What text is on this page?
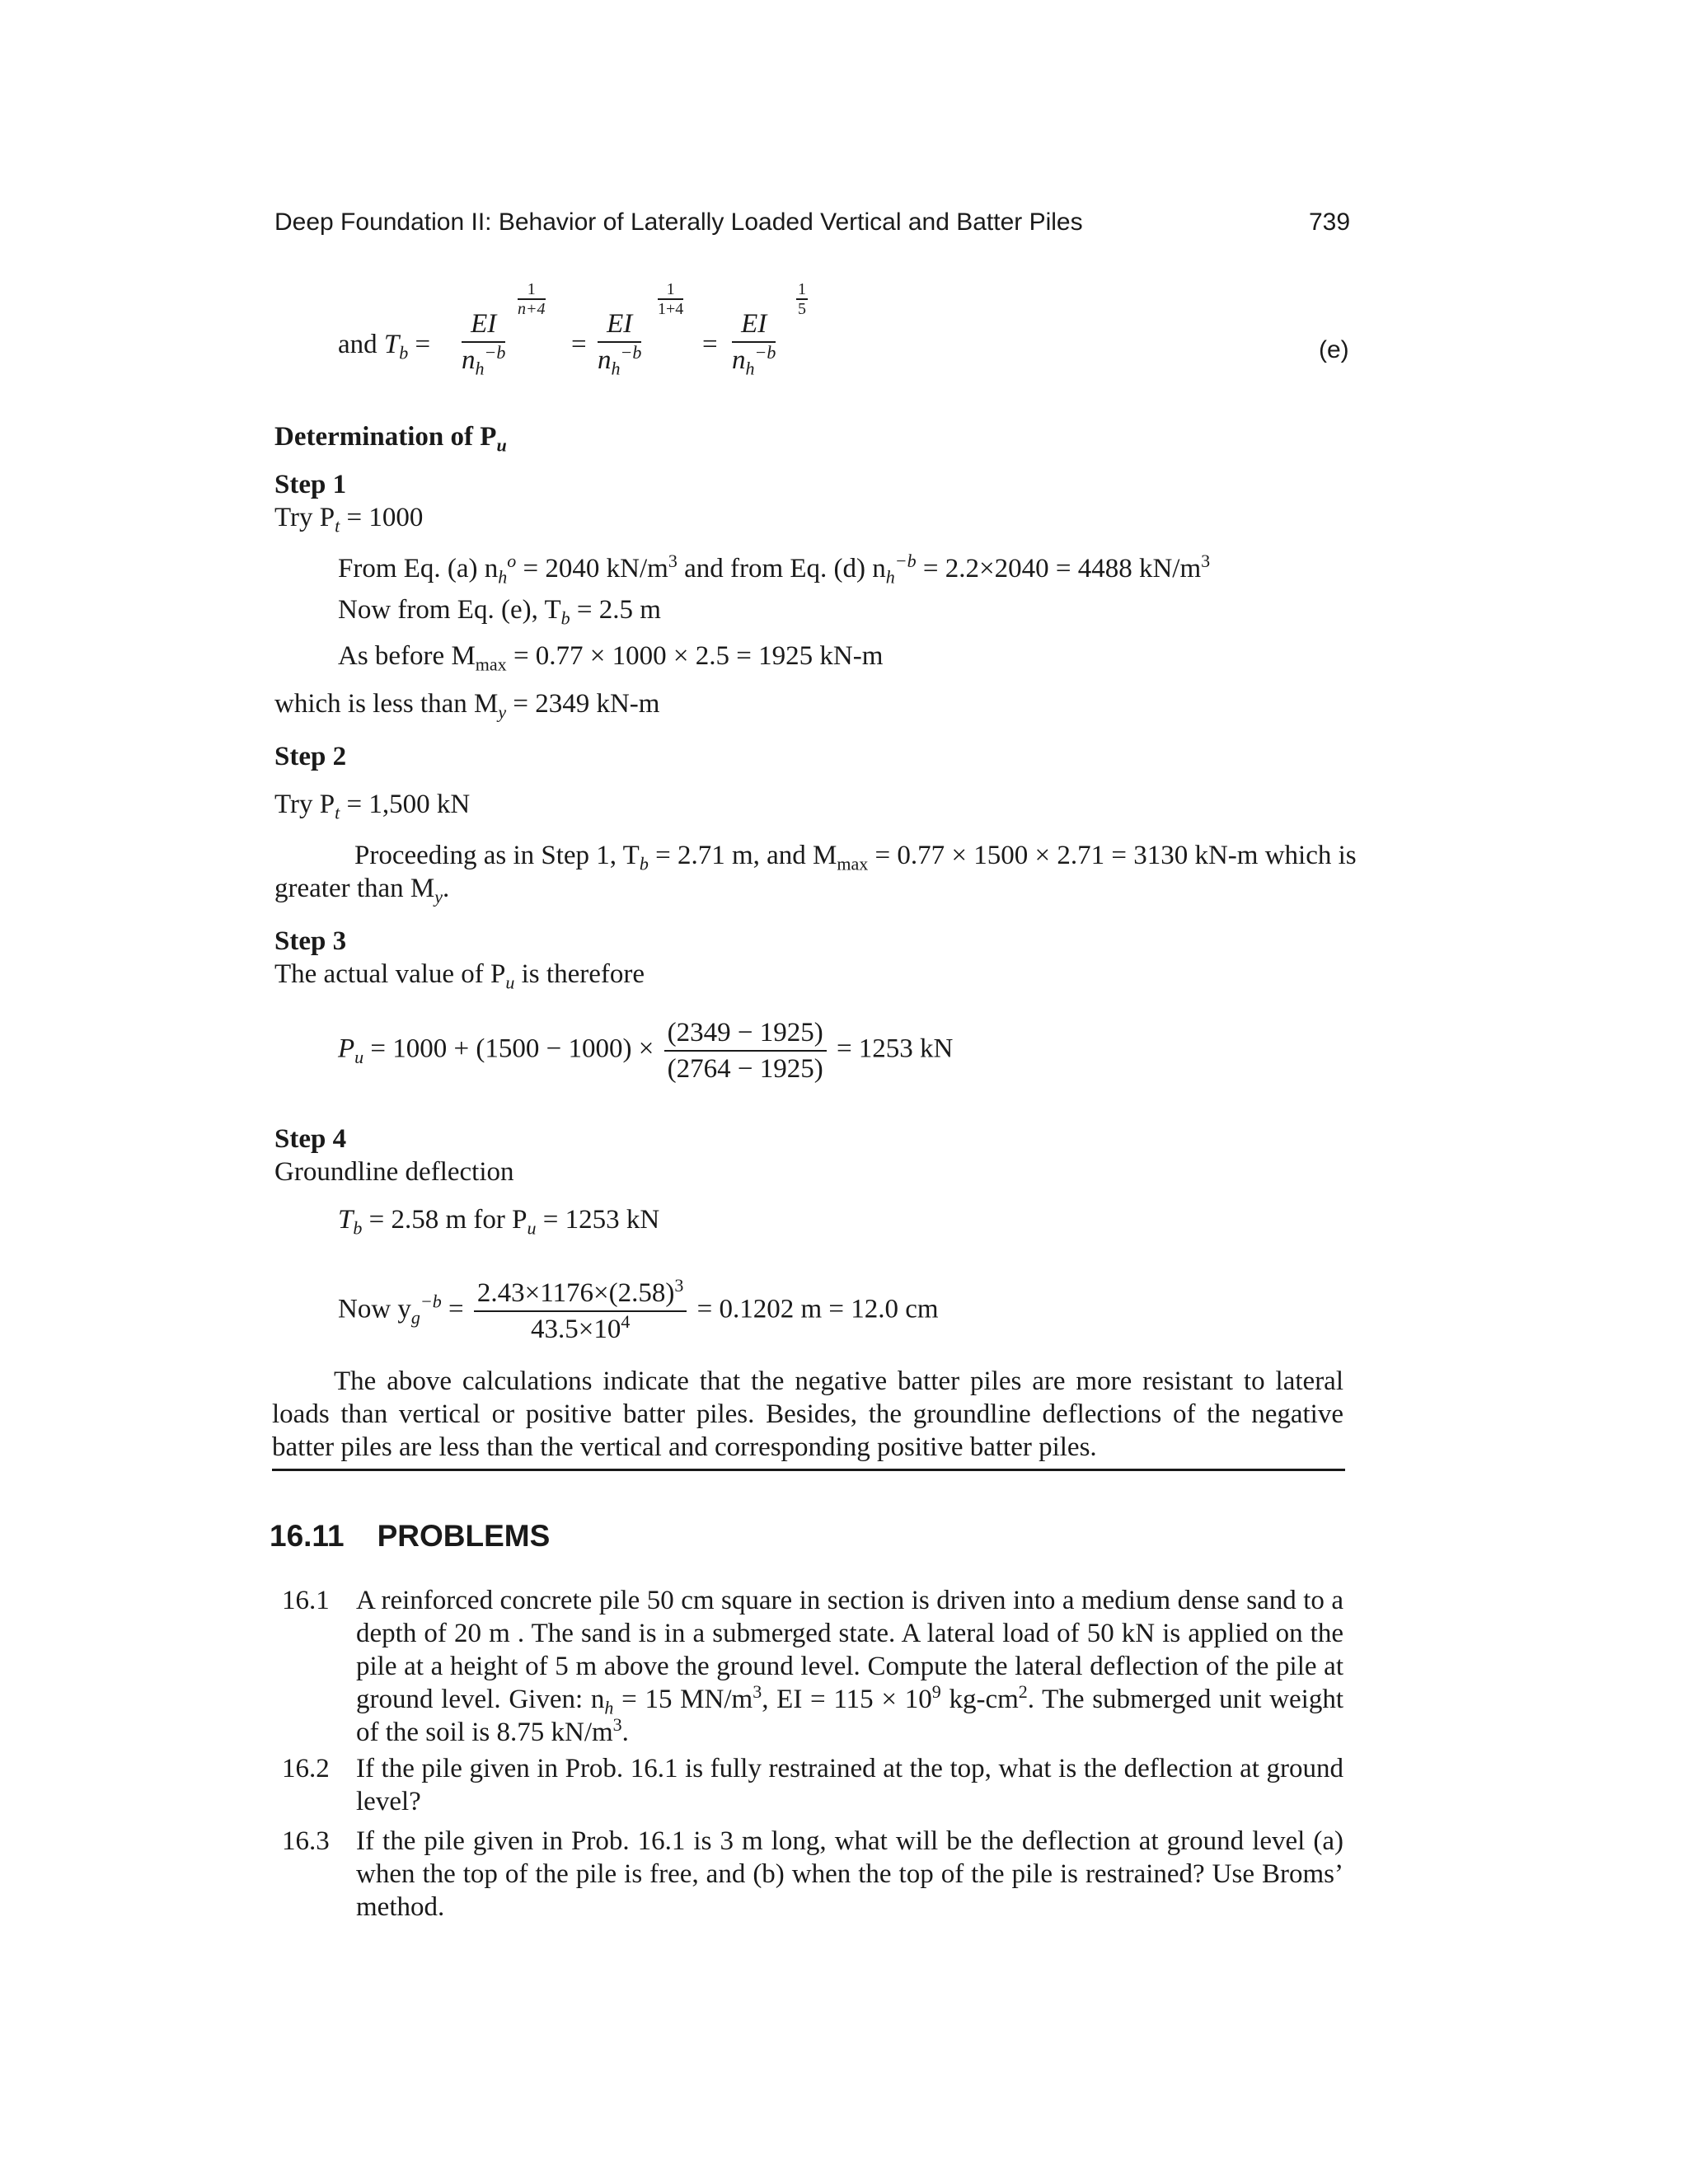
Deep Foundation II: Behavior of Laterally Loaded Vertical and Batter Piles	739
and $T_b = \frac{EI}{n_h^{-b}}$
1
n+4
= $\frac{EI}{n_h^{-b}}$
1
1+4
= $\frac{EI}{n_h^{-b}}$
1
5
(e)
Determination of $P_u$
Step 1
Try $P_t = 1000$
From Eq. (a) $n_h^o = 2040$ $kN/m^3$ and from Eq. (d) $n_h^{-b} = 2.2\times 2040 = 4488$ $kN/m^3$
Now from Eq. (e), $T_b = 2.5$ m
As before $M_{max} = 0.77 \times 1000 \times 2.5 = 1925$ kN-m
which is less than $M_y = 2349$ kN-m
Step 2
Try $P_t = 1,500$ kN
Proceeding as in Step 1, $T_b = 2.71$ m, and $M_{max} = 0.77 \times 1500 \times 2.71 = 3130$ kN-m which is
greater than $M_y$.
Step 3
The actual value of $P_u$ is therefore
$P_u = 1000 + (1500 - 1000) \times \frac{(2349 - 1925)}{(2764 - 1925)} = 1253$ kN
Step 4
Groundline deflection
$T_b = 2.58$ m for $P_u = 1253$ kN
Now $y_g^{-b} = \frac{2.43\times 1176\times(2.58)^3}{43.5\times 10^4} = 0.1202$ m = 12.0 cm

The above calculations indicate that the negative batter piles are more resistant to lateral loads than vertical or positive batter piles. Besides, the groundline deflections of the negative batter piles are less than the vertical and corresponding positive batter piles.

16.11 PROBLEMS
16.1 A reinforced concrete pile 50 cm square in section is driven into a medium dense sand to a depth of 20 m . The sand is in a submerged state. A lateral load of 50 kN is applied on the pile at a height of 5 m above the ground level. Compute the lateral deflection of the pile at ground level. Given: $n_h = 15$ $MN/m^3$, EI = $115 \times 10^9$ $kg-cm^2$. The submerged unit weight of the soil is 8.75 $kN/m^3$.

16.2 If the pile given in Prob. 16.1 is fully restrained at the top, what is the deflection at ground level?

16.3 If the pile given in Prob. 16.1 is 3 m long, what will be the deflection at ground level (a) when the top of the pile is free, and (b) when the top of the pile is restrained? Use Broms’ method.
